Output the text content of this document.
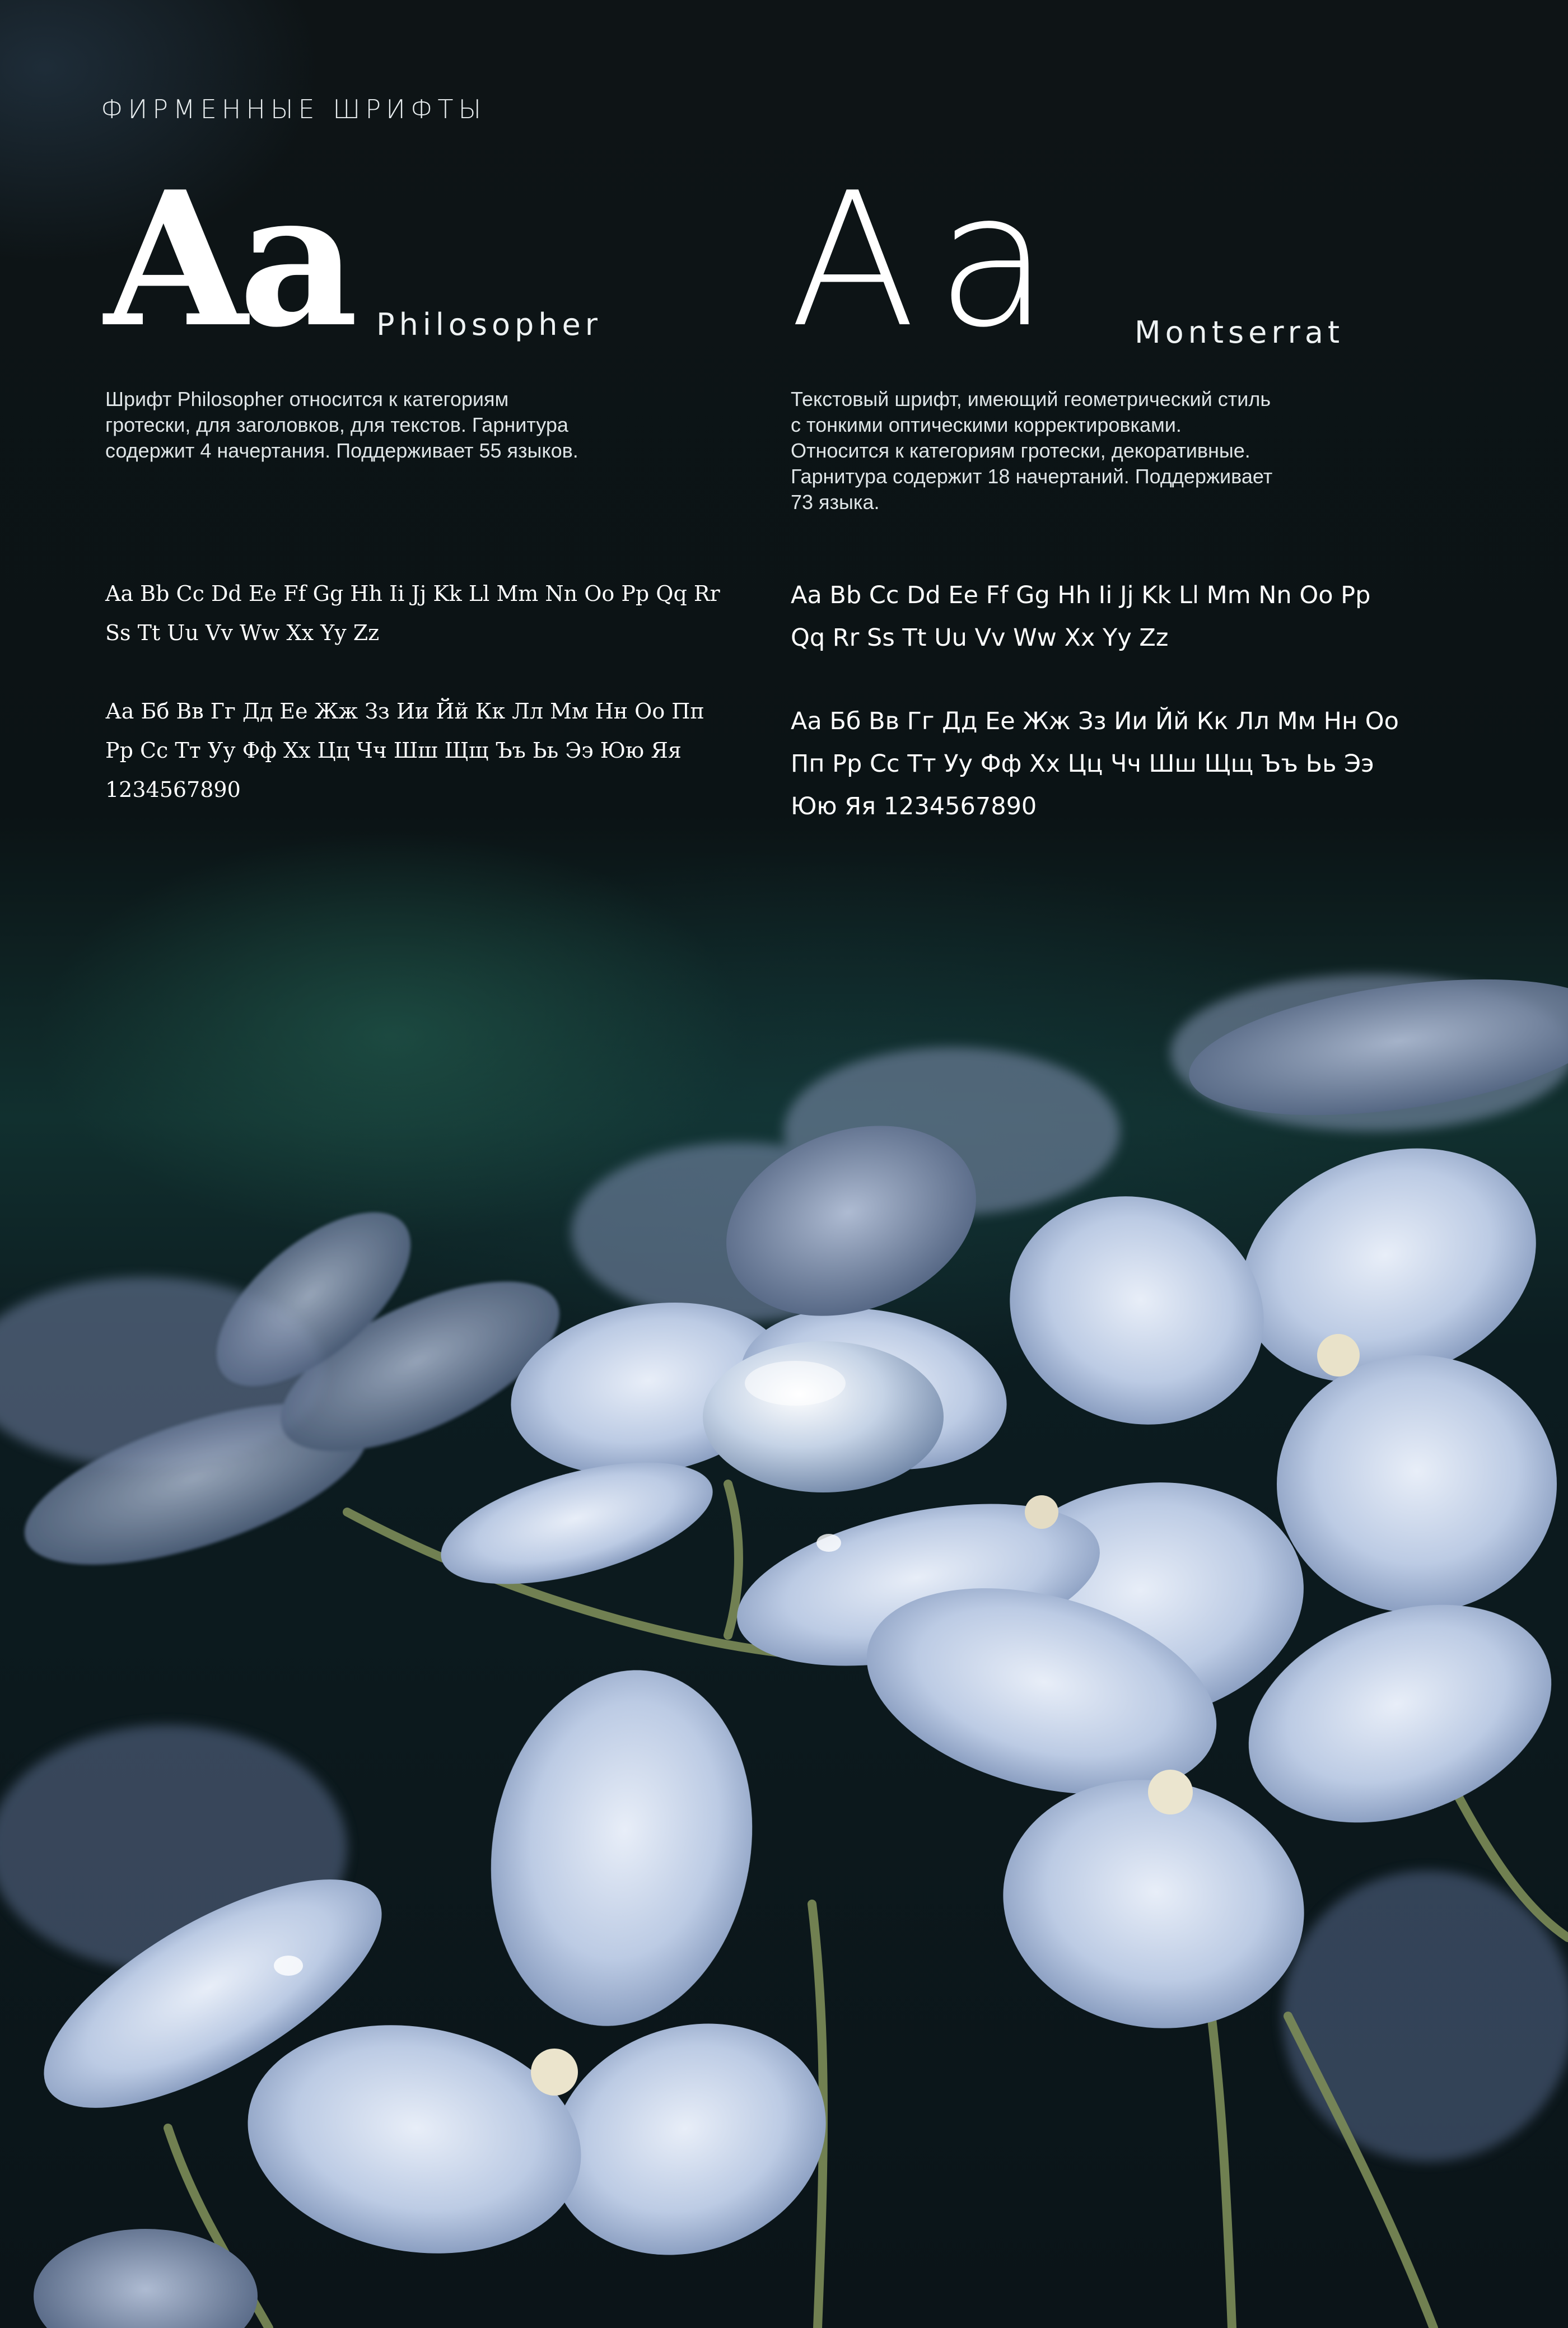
ФИРМЕННЫЕ ШРИФТЫ
Aa Philosopher
Шрифт Philosopher относится к категориям
гротески, для заголовков, для текстов. Гарнитура
содержит 4 начертания. Поддерживает 55 языков.
Aa Bb Cc Dd Ee Ff Gg Hh Ii Jj Kk Ll Mm Nn Oo Pp Qq Rr
Ss Tt Uu Vv Ww Xx Yy Zz
Аа Бб Вв Гг Дд Ее Жж Зз Ии Йй Кк Лл Мм Нн Оо Пп
Рр Сс Тт Уу Фф Хх Цц Чч Шш Щщ Ъъ Ьь Ээ Юю Яя
1234567890
Aa Montserrat
Текстовый шрифт, имеющий геометрический стиль
с тонкими оптическими корректировками.
Относится к категориям гротески, декоративные.
Гарнитура содержит 18 начертаний. Поддерживает
73 языка.
Aa Bb Cc Dd Ee Ff Gg Hh Ii Jj Kk Ll Mm Nn Oo Pp
Qq Rr Ss Tt Uu Vv Ww Xx Yy Zz
Аа Бб Вв Гг Дд Ее Жж Зз Ии Йй Кк Лл Мм Нн Оо
Пп Рр Сс Тт Уу Фф Хх Цц Чч Шш Щщ Ъъ Ьь Ээ
Юю Яя 1234567890
